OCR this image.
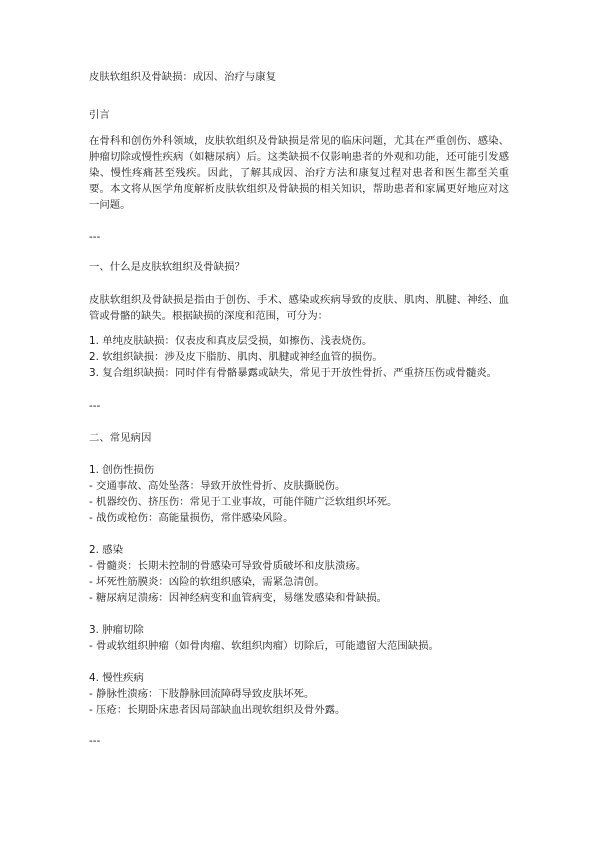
皮肤软组织及骨缺损：成因、治疗与康复
引言
在骨科和创伤外科领域，皮肤软组织及骨缺损是常见的临床问题，尤其在严重创伤、感染、肿瘤切除或慢性疾病（如糖尿病）后。这类缺损不仅影响患者的外观和功能，还可能引发感染、慢性疼痛甚至残疾。因此，了解其成因、治疗方法和康复过程对患者和医生都至关重要。本文将从医学角度解析皮肤软组织及骨缺损的相关知识，帮助患者和家属更好地应对这一问题。
---
一、什么是皮肤软组织及骨缺损？
皮肤软组织及骨缺损是指由于创伤、手术、感染或疾病导致的皮肤、肌肉、肌腱、神经、血管或骨骼的缺失。根据缺损的深度和范围，可分为：
1. 单纯皮肤缺损：仅表皮和真皮层受损，如擦伤、浅表烧伤。
2. 软组织缺损：涉及皮下脂肪、肌肉、肌腱或神经血管的损伤。
3. 复合组织缺损：同时伴有骨骼暴露或缺失，常见于开放性骨折、严重挤压伤或骨髓炎。
---
二、常见病因
1. 创伤性损伤
- 交通事故、高处坠落：导致开放性骨折、皮肤撕脱伤。
- 机器绞伤、挤压伤：常见于工业事故，可能伴随广泛软组织坏死。
- 战伤或枪伤：高能量损伤，常伴感染风险。
2. 感染
- 骨髓炎：长期未控制的骨感染可导致骨质破坏和皮肤溃疡。
- 坏死性筋膜炎：凶险的软组织感染，需紧急清创。
- 糖尿病足溃疡：因神经病变和血管病变，易继发感染和骨缺损。
3. 肿瘤切除
- 骨或软组织肿瘤（如骨肉瘤、软组织肉瘤）切除后，可能遗留大范围缺损。
4. 慢性疾病
- 静脉性溃疡：下肢静脉回流障碍导致皮肤坏死。
- 压疮：长期卧床患者因局部缺血出现软组织及骨外露。
---
